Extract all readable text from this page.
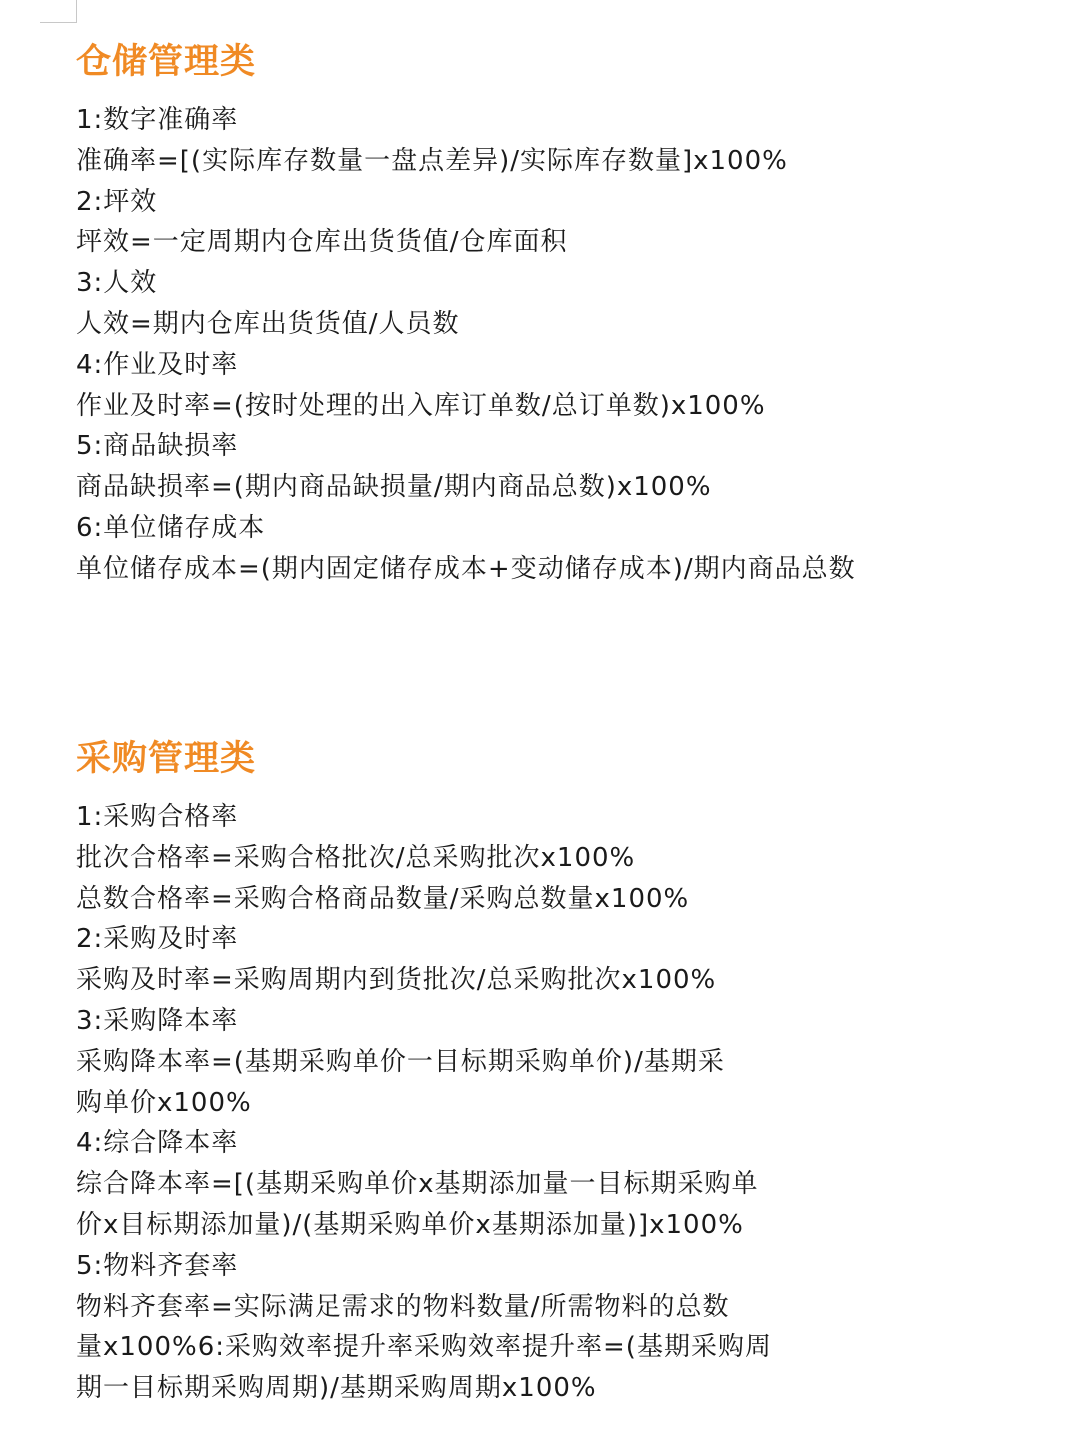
仓储管理类

1:数字准确率

准确率=[(实际库存数量一盘点差异)/实际库存数量]x100%

2:坪效

坪效=一定周期内仓库出货货值/仓库面积

3:人效

人效=期内仓库出货货值/人员数

4:作业及时率

作业及时率=(按时处理的出入库订单数/总订单数)x100%

5:商品缺损率

商品缺损率=(期内商品缺损量/期内商品总数)x100%

6:单位储存成本

单位储存成本=(期内固定储存成本+变动储存成本)/期内商品总数

采购管理类

1:采购合格率

批次合格率=采购合格批次/总采购批次x100%

总数合格率=采购合格商品数量/采购总数量x100%

2:采购及时率

采购及时率=采购周期内到货批次/总采购批次x100%

3:采购降本率

采购降本率=(基期采购单价一目标期采购单价)/基期采

购单价x100%

4:综合降本率

综合降本率=[(基期采购单价x基期添加量一目标期采购单

价x目标期添加量)/(基期采购单价x基期添加量)]x100%

5:物料齐套率

物料齐套率=实际满足需求的物料数量/所需物料的总数

量x100%6:采购效率提升率采购效率提升率=(基期采购周

期一目标期采购周期)/基期采购周期x100%
